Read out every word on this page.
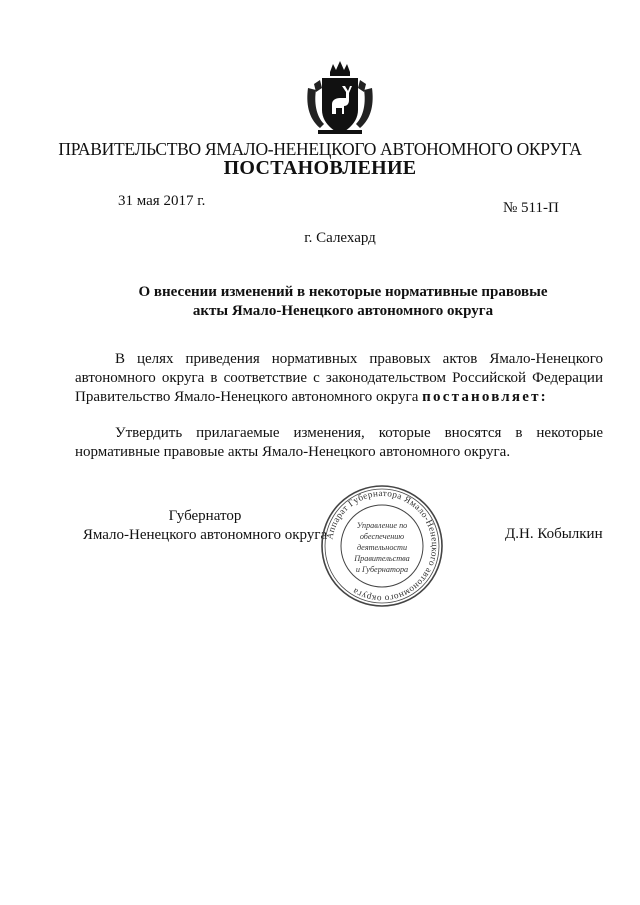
ПРАВИТЕЛЬСТВО ЯМАЛО-НЕНЕЦКОГО АВТОНОМНОГО ОКРУГА
ПОСТАНОВЛЕНИЕ
31 мая 2017 г.	№ 511-П
г. Салехард
О внесении изменений в некоторые нормативные правовые
акты Ямало-Ненецкого автономного округа
В целях приведения нормативных правовых актов Ямало-Ненецкого автономного округа в соответствие с законодательством Российской Федерации Правительство Ямало-Ненецкого автономного округа постановляет:
Утвердить прилагаемые изменения, которые вносятся в некоторые нормативные правовые акты Ямало-Ненецкого автономного округа.
Губернатор
Ямало-Ненецкого автономного округа	Д.Н. Кобылкин
Аппарат Губернатора Ямало-Ненецкого автономного округа
Управление по
обеспечению
деятельности
Правительства
и Губернатора
